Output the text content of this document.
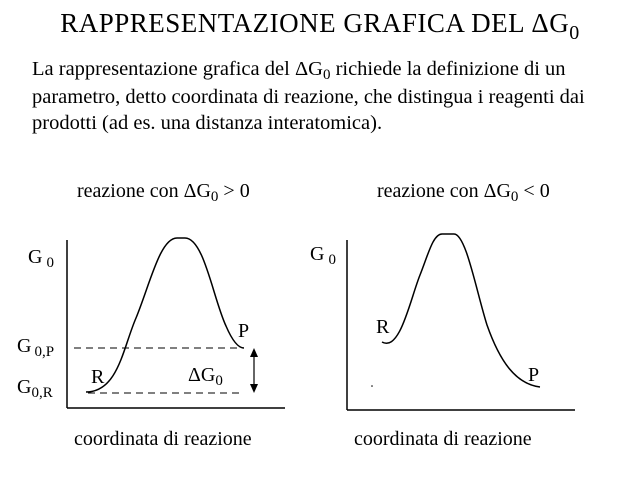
RAPPRESENTAZIONE GRAFICA DEL $\Delta G_0$
La rappresentazione grafica del ΔG0 richiede la definizione di un parametro, detto coordinata di reazione, che distingua i reagenti dai prodotti (ad es. una distanza interatomica).
reazione con $\Delta G_0 > 0$
G $_0$
G $_{0,P}$
$G_{0,R}$
R
P
$\Delta G_0$
coordinata di reazione
reazione con $\Delta G_0 < 0$
G $_0$
R
P
coordinata di reazione
